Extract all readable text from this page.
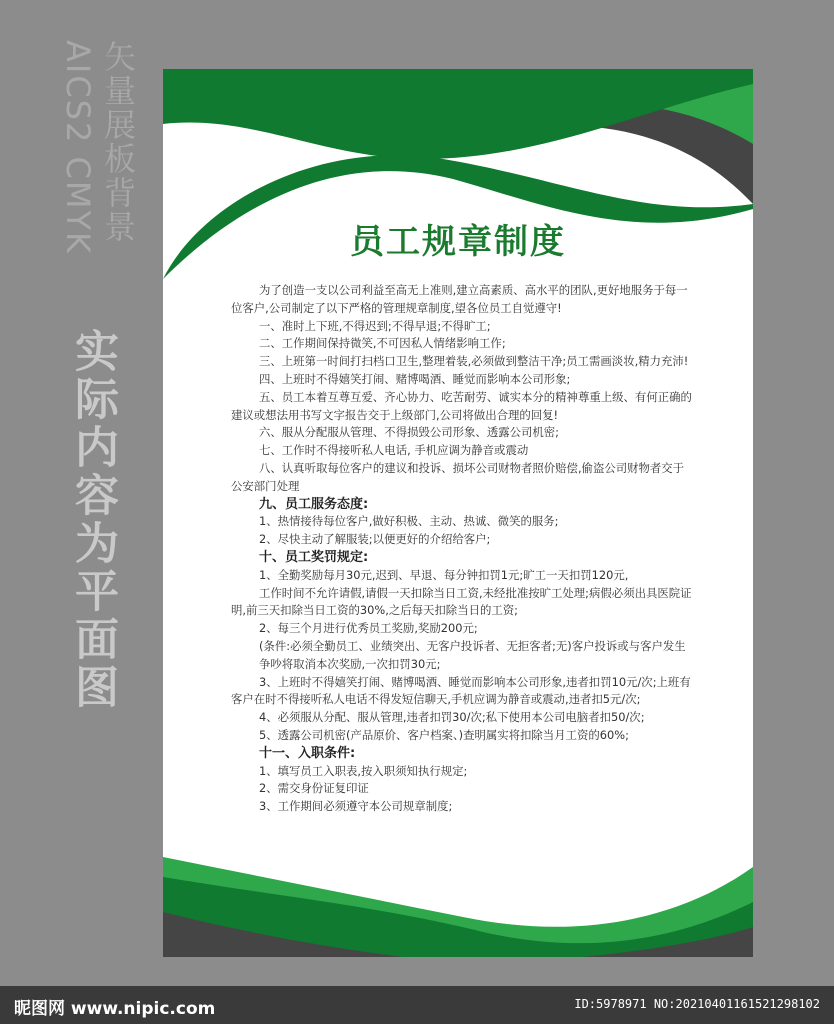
矢量展板背景
AICS2 CMYK
实际内容为平面图
员工规章制度

为了创造一支以公司利益至高无上准则,建立高素质、高水平的团队,更好地服务于每一位客户,公司制定了以下严格的管理规章制度,望各位员工自觉遵守!

一、准时上下班,不得迟到;不得早退;不得旷工;

二、工作期间保持微笑,不可因私人情绪影响工作;

三、上班第一时间打扫档口卫生,整理着装,必须做到整洁干净;员工需画淡妆,精力充沛!

四、上班时不得嬉笑打闹、赌博喝酒、睡觉而影响本公司形象;

五、员工本着互尊互爱、齐心协力、吃苦耐劳、诚实本分的精神尊重上级、有何正确的建议或想法用书写文字报告交于上级部门,公司将做出合理的回复!

六、服从分配服从管理、不得损毁公司形象、透露公司机密;

七、工作时不得接听私人电话, 手机应调为静音或震动

八、认真听取每位客户的建议和投诉、损坏公司财物者照价赔偿,偷盗公司财物者交于公安部门处理

九、员工服务态度:

1、热情接待每位客户,做好积极、主动、热诚、微笑的服务;

2、尽快主动了解服装;以便更好的介绍给客户;

十、员工奖罚规定:

1、全勤奖励每月30元,迟到、早退、每分钟扣罚1元;旷工一天扣罚120元,

工作时间不允许请假,请假一天扣除当日工资,未经批准按旷工处理;病假必须出具医院证明,前三天扣除当日工资的30%,之后每天扣除当日的工资;

2、每三个月进行优秀员工奖励,奖励200元;

(条件:必须全勤员工、业绩突出、无客户投诉者、无拒客者;无)客户投诉或与客户发生争吵将取消本次奖励,一次扣罚30元;

3、上班时不得嬉笑打闹、赌博喝酒、睡觉而影响本公司形象,违者扣罚10元/次;上班有客户在时不得接听私人电话不得发短信聊天,手机应调为静音或震动,违者扣5元/次;

4、必须服从分配、服从管理,违者扣罚30/次;私下使用本公司电脑者扣50/次;

5、透露公司机密(产品原价、客户档案、)查明属实将扣除当月工资的60%;

十一、入职条件:

1、填写员工入职表,按入职须知执行规定;

2、需交身份证复印证

3、工作期间必须遵守本公司规章制度;

昵图网 www.nipic.com	ID:5978971 NO:20210401161521298102
